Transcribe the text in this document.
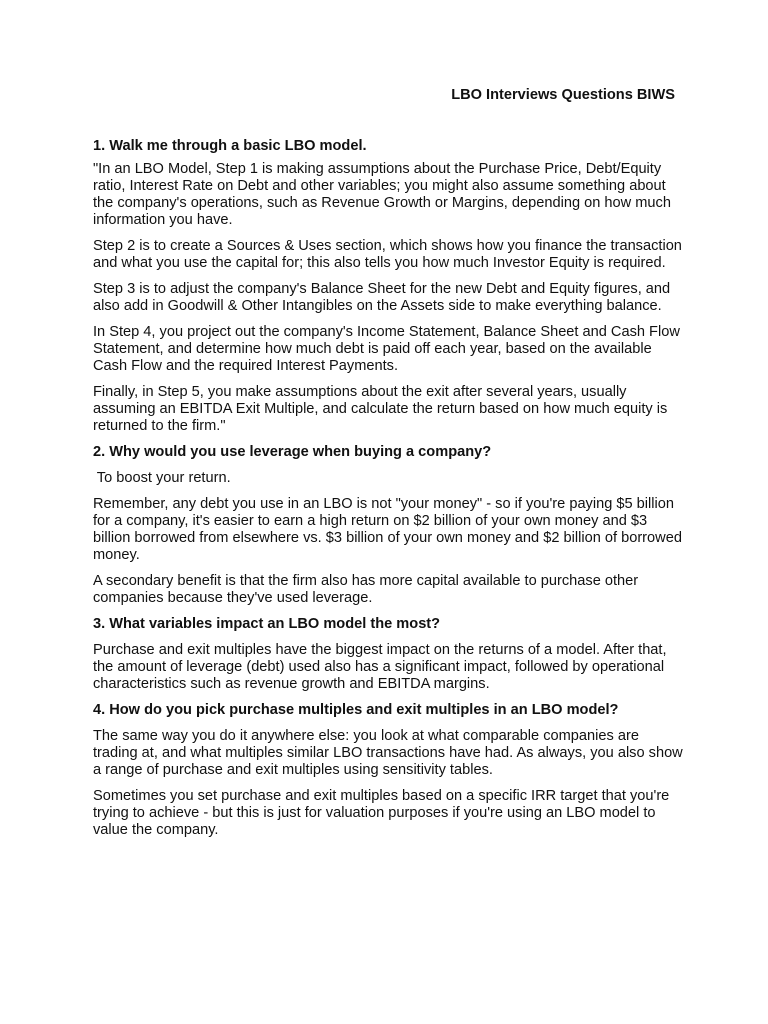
LBO Interviews Questions BIWS

1. Walk me through a basic LBO model.

"In an LBO Model, Step 1 is making assumptions about the Purchase Price, Debt/Equity ratio, Interest Rate on Debt and other variables; you might also assume something about the company's operations, such as Revenue Growth or Margins, depending on how much information you have.

Step 2 is to create a Sources & Uses section, which shows how you finance the transaction and what you use the capital for; this also tells you how much Investor Equity is required.

Step 3 is to adjust the company's Balance Sheet for the new Debt and Equity figures, and also add in Goodwill & Other Intangibles on the Assets side to make everything balance.

In Step 4, you project out the company's Income Statement, Balance Sheet and Cash Flow Statement, and determine how much debt is paid off each year, based on the available Cash Flow and the required Interest Payments.

Finally, in Step 5, you make assumptions about the exit after several years, usually assuming an EBITDA Exit Multiple, and calculate the return based on how much equity is returned to the firm."

2. Why would you use leverage when buying a company?

To boost your return.

Remember, any debt you use in an LBO is not "your money" - so if you're paying $5 billion for a company, it's easier to earn a high return on $2 billion of your own money and $3 billion borrowed from elsewhere vs. $3 billion of your own money and $2 billion of borrowed money.

A secondary benefit is that the firm also has more capital available to purchase other companies because they've used leverage.

3. What variables impact an LBO model the most?

Purchase and exit multiples have the biggest impact on the returns of a model. After that, the amount of leverage (debt) used also has a significant impact, followed by operational characteristics such as revenue growth and EBITDA margins.

4. How do you pick purchase multiples and exit multiples in an LBO model?

The same way you do it anywhere else: you look at what comparable companies are trading at, and what multiples similar LBO transactions have had. As always, you also show a range of purchase and exit multiples using sensitivity tables.

Sometimes you set purchase and exit multiples based on a specific IRR target that you're trying to achieve - but this is just for valuation purposes if you're using an LBO model to value the company.
